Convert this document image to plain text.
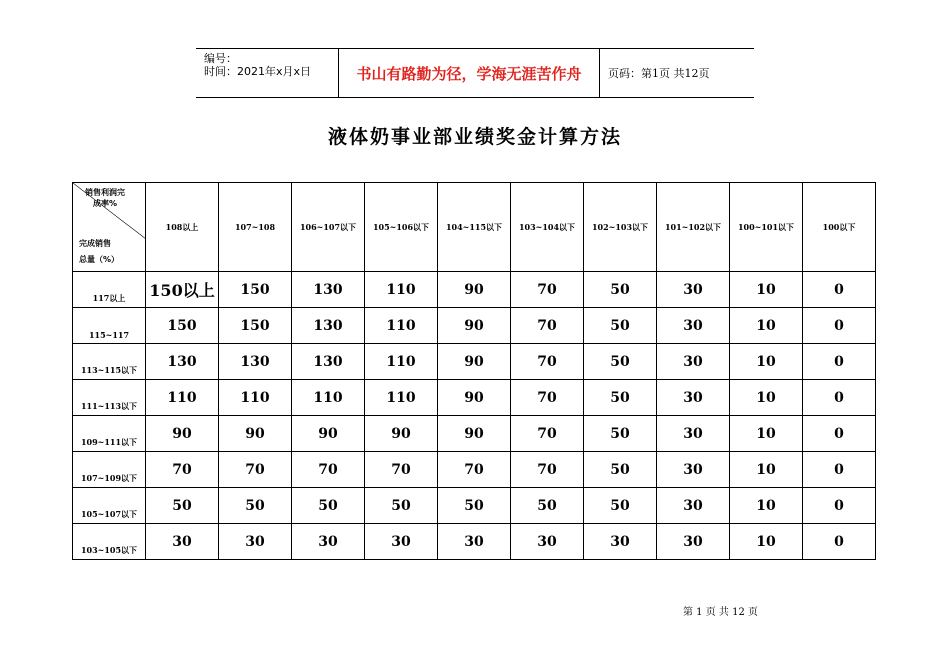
编号：
时间：2021年x月x日	书山有路勤为径，学海无涯苦作舟 页码：第1页 共12页
液体奶事业部业绩奖金计算方法
销售利润完
成率%
完成销售
总量（%）	108以上	107~108	106~107以下	105~106以下	104~115以下	103~104以下	102~103以下	101~102以下	100~101以下	100以下
117以上	150以上	150	130	110	90	70	50	30	10	0
115~117	150	150	130	110	90	70	50	30	10	0
113~115以下	130	130	130	110	90	70	50	30	10	0
111~113以下	110	110	110	110	90	70	50	30	10	0
109~111以下	90	90	90	90	90	70	50	30	10	0
107~109以下	70	70	70	70	70	70	50	30	10	0
105~107以下	50	50	50	50	50	50	50	30	10	0
103~105以下	30	30	30	30	30	30	30	30	10	0
第 1 页 共 12 页
